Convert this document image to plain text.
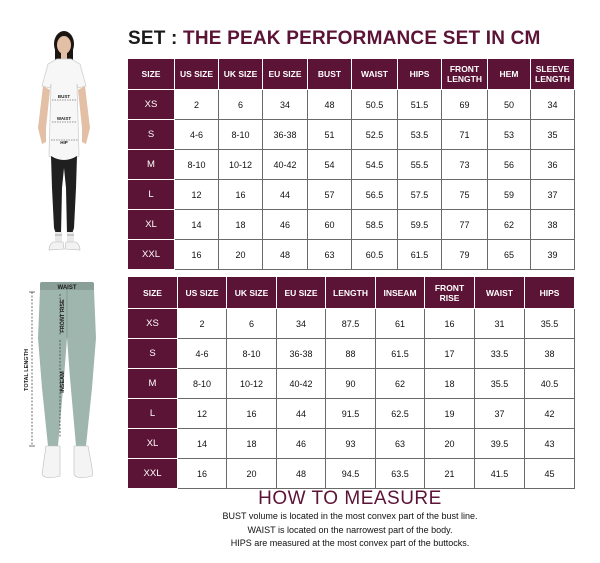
SET : THE PEAK PERFORMANCE SET IN CM
BUST
WAIST
HIP
WAIST
FRONT RISE
INSEAM
TOTAL LENGTH
SIZE	US SIZE	UK SIZE	EU SIZE	BUST	WAIST	HIPS	FRONT LENGTH	HEM	SLEEVE LENGTH
XS	2	6	34	48	50.5	51.5	69	50	34
S	4-6	8-10	36-38	51	52.5	53.5	71	53	35
M	8-10	10-12	40-42	54	54.5	55.5	73	56	36
L	12	16	44	57	56.5	57.5	75	59	37
XL	14	18	46	60	58.5	59.5	77	62	38
XXL	16	20	48	63	60.5	61.5	79	65	39
SIZE	US SIZE	UK SIZE	EU SIZE	LENGTH	INSEAM	FRONT RISE	WAIST	HIPS
XS	2	6	34	87.5	61	16	31	35.5
S	4-6	8-10	36-38	88	61.5	17	33.5	38
M	8-10	10-12	40-42	90	62	18	35.5	40.5
L	12	16	44	91.5	62.5	19	37	42
XL	14	18	46	93	63	20	39.5	43
XXL	16	20	48	94.5	63.5	21	41.5	45
HOW TO MEASURE

BUST volume is located in the most convex part of the bust line.

WAIST is located on the narrowest part of the body.

HIPS are measured at the most convex part of the buttocks.
